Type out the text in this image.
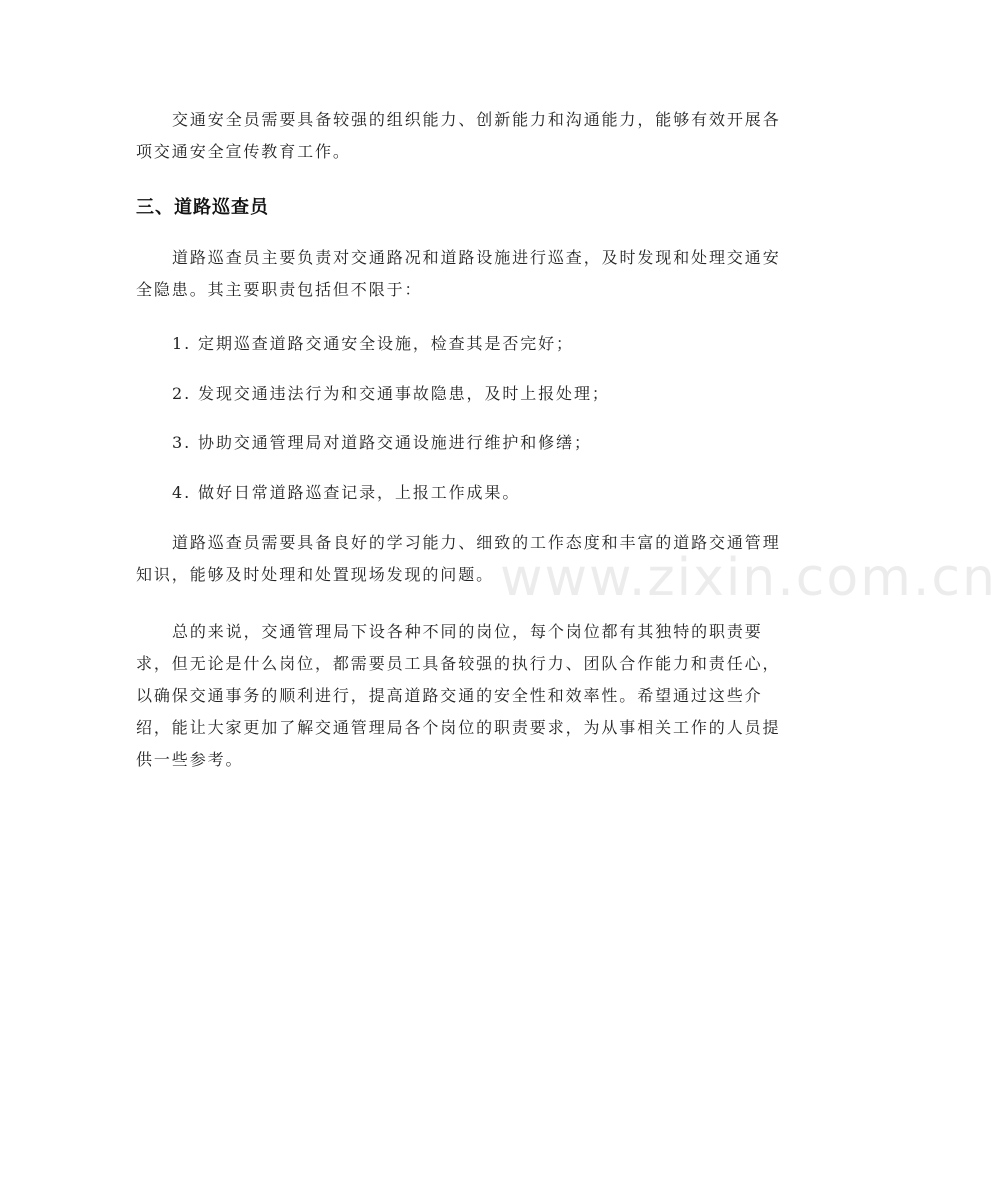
交通安全员需要具备较强的组织能力、创新能力和沟通能力，能够有效开展各项交通安全宣传教育工作。

三、道路巡查员

道路巡查员主要负责对交通路况和道路设施进行巡查，及时发现和处理交通安全隐患。其主要职责包括但不限于：

1. 定期巡查道路交通安全设施，检查其是否完好；

2. 发现交通违法行为和交通事故隐患，及时上报处理；

3. 协助交通管理局对道路交通设施进行维护和修缮；

4. 做好日常道路巡查记录，上报工作成果。

道路巡查员需要具备良好的学习能力、细致的工作态度和丰富的道路交通管理知识，能够及时处理和处置现场发现的问题。

总的来说，交通管理局下设各种不同的岗位，每个岗位都有其独特的职责要求，但无论是什么岗位，都需要员工具备较强的执行力、团队合作能力和责任心，以确保交通事务的顺利进行，提高道路交通的安全性和效率性。希望通过这些介绍，能让大家更加了解交通管理局各个岗位的职责要求，为从事相关工作的人员提供一些参考。

www.zixin.com.cn
